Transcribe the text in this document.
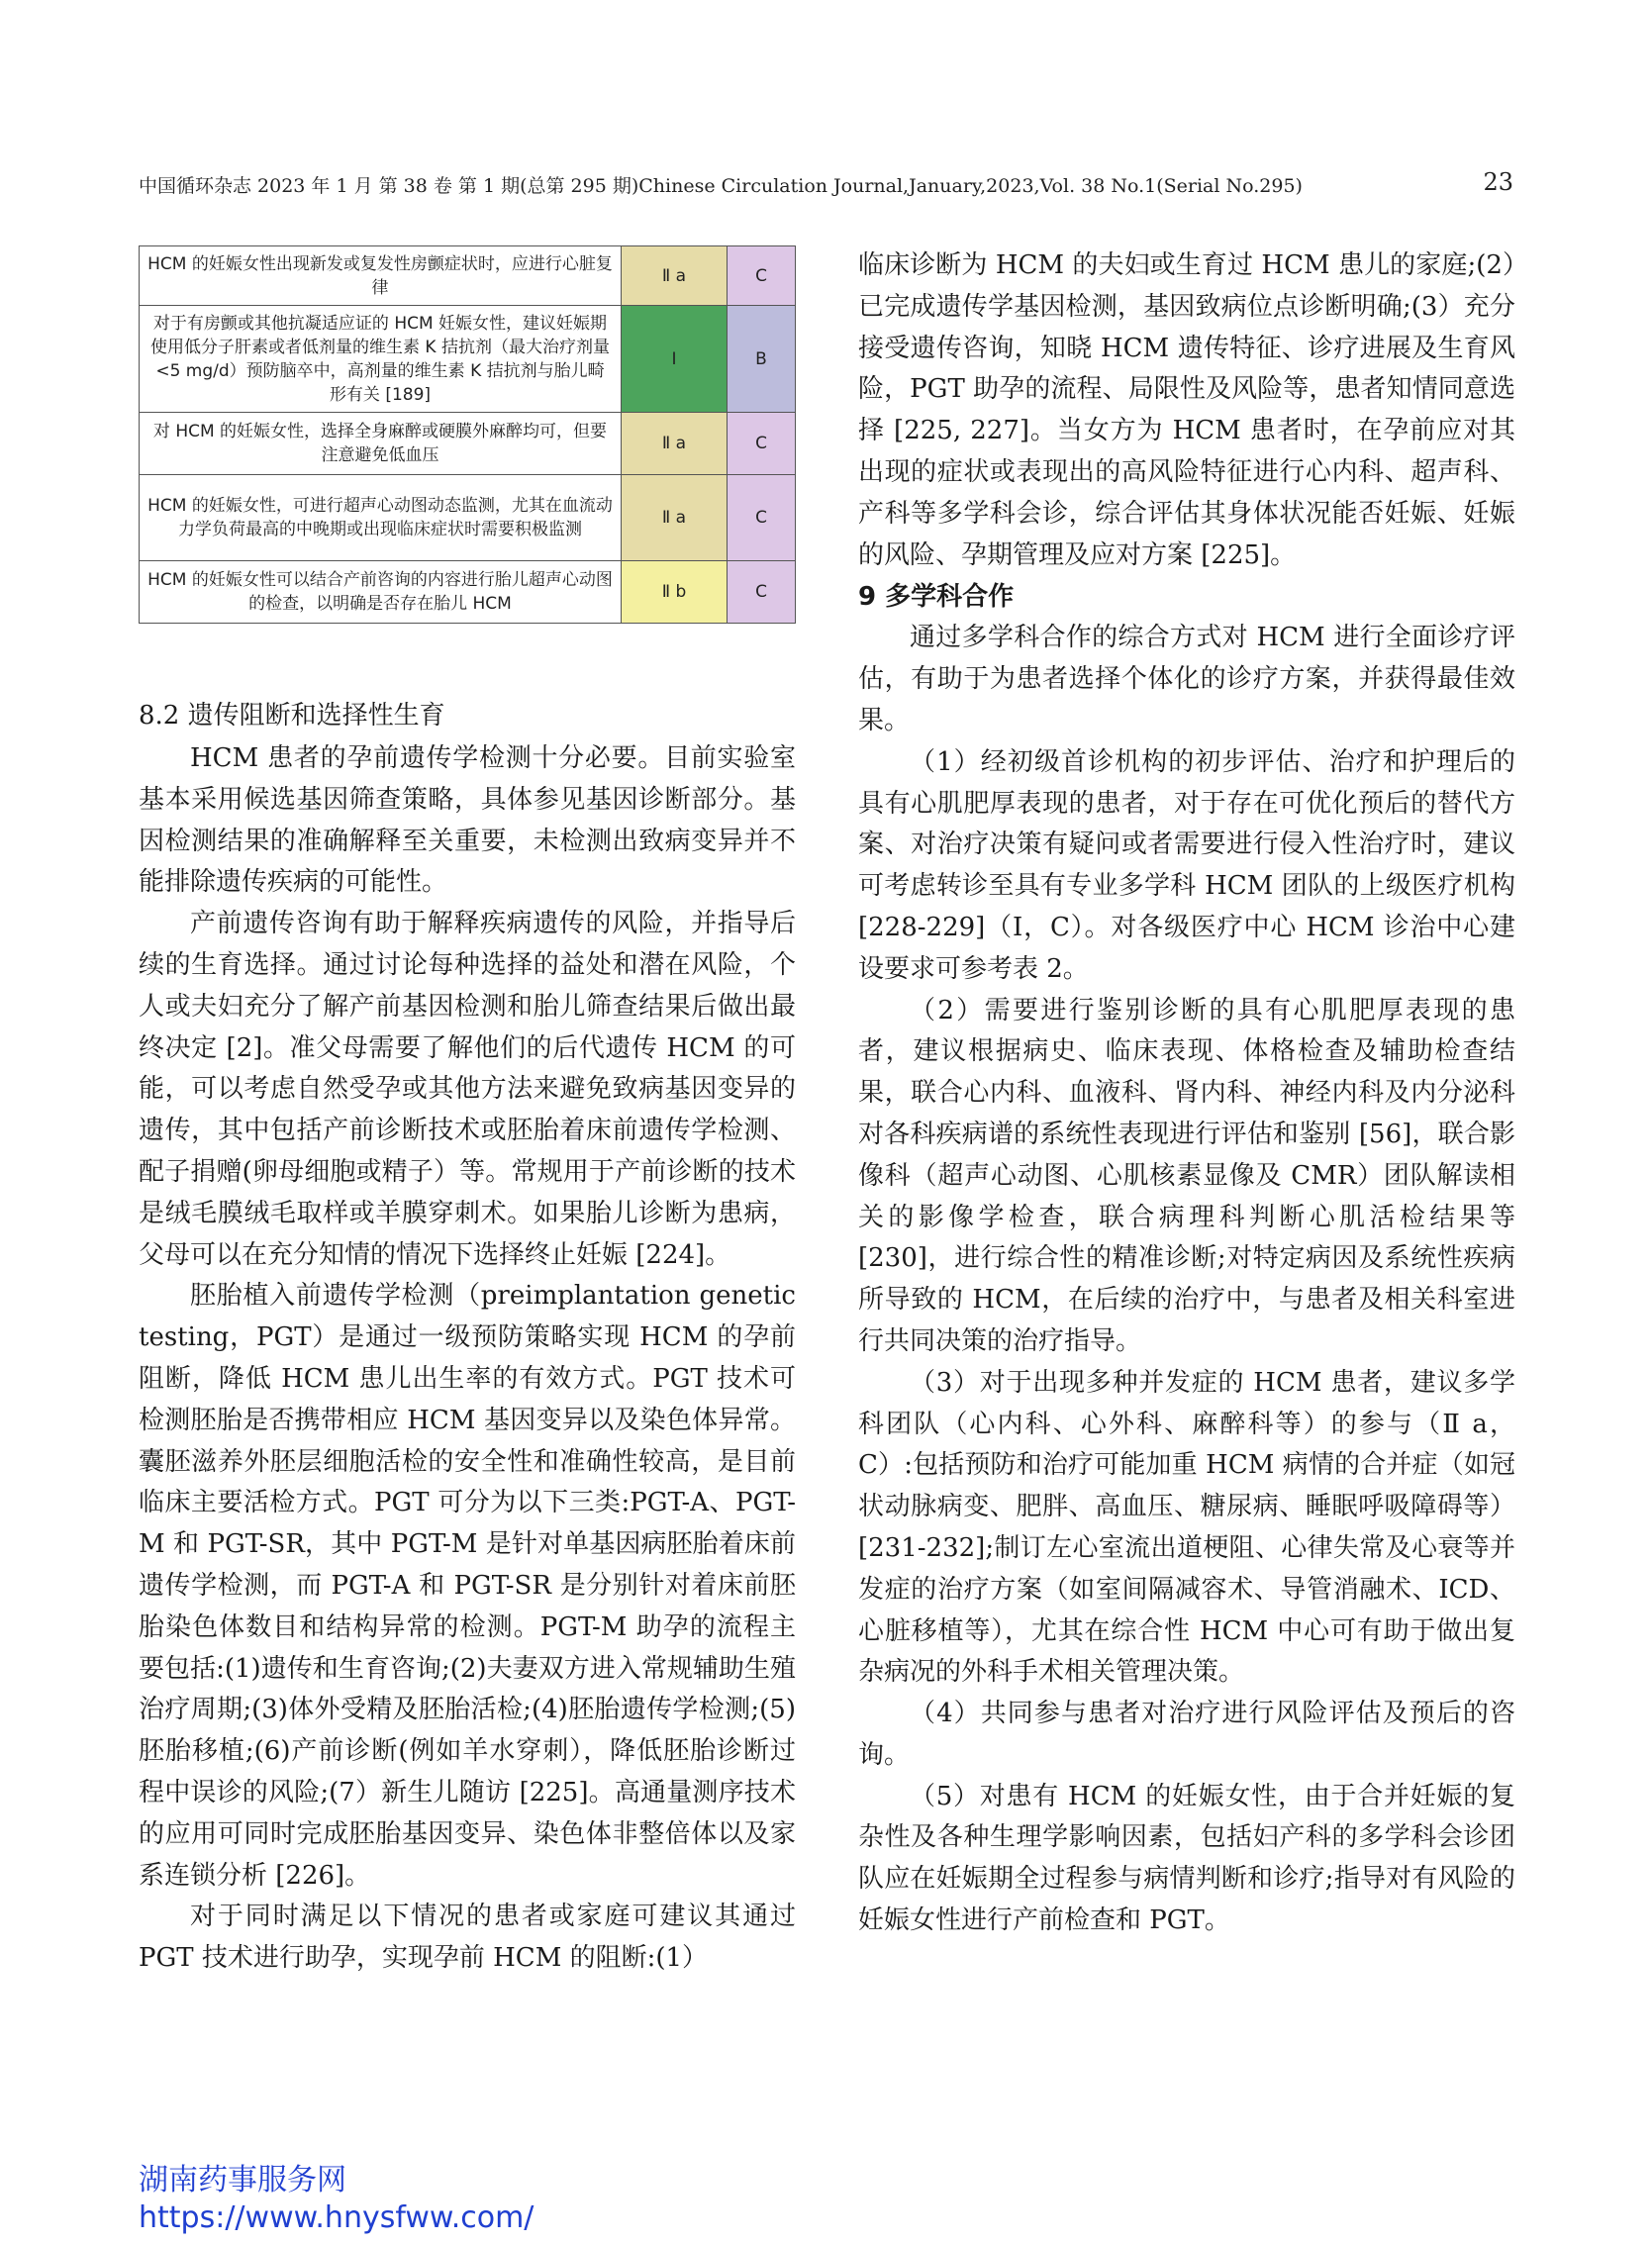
中国循环杂志 2023 年 1 月 第 38 卷 第 1 期(总第 295 期)Chinese Circulation Journal,January,2023,Vol. 38 No.1(Serial No.295)	23
HCM 的妊娠女性出现新发或复发性房颤症状时，应进行心脏复律	Ⅱ a	C
对于有房颤或其他抗凝适应证的 HCM 妊娠女性，建议妊娠期使用低分子肝素或者低剂量的维生素 K 拮抗剂（最大治疗剂量 <5 mg/d）预防脑卒中，高剂量的维生素 K 拮抗剂与胎儿畸形有关 [189]	Ⅰ	B
对 HCM 的妊娠女性，选择全身麻醉或硬膜外麻醉均可，但要注意避免低血压	Ⅱ a	C
HCM 的妊娠女性，可进行超声心动图动态监测，尤其在血流动力学负荷最高的中晚期或出现临床症状时需要积极监测	Ⅱ a	C
HCM 的妊娠女性可以结合产前咨询的内容进行胎儿超声心动图的检查，以明确是否存在胎儿 HCM	Ⅱ b	C

8.2 遗传阻断和选择性生育

HCM 患者的孕前遗传学检测十分必要。目前实验室基本采用候选基因筛查策略，具体参见基因诊断部分。基因检测结果的准确解释至关重要，未检测出致病变异并不能排除遗传疾病的可能性。

产前遗传咨询有助于解释疾病遗传的风险，并指导后续的生育选择。通过讨论每种选择的益处和潜在风险，个人或夫妇充分了解产前基因检测和胎儿筛查结果后做出最终决定 [2]。准父母需要了解他们的后代遗传 HCM 的可能，可以考虑自然受孕或其他方法来避免致病基因变异的遗传，其中包括产前诊断技术或胚胎着床前遗传学检测、配子捐赠(卵母细胞或精子）等。常规用于产前诊断的技术是绒毛膜绒毛取样或羊膜穿刺术。如果胎儿诊断为患病，父母可以在充分知情的情况下选择终止妊娠 [224]。

胚胎植入前遗传学检测（preimplantation genetic testing，PGT）是通过一级预防策略实现 HCM 的孕前阻断，降低 HCM 患儿出生率的有效方式。PGT 技术可检测胚胎是否携带相应 HCM 基因变异以及染色体异常。囊胚滋养外胚层细胞活检的安全性和准确性较高，是目前临床主要活检方式。PGT 可分为以下三类:PGT-A、PGT-M 和 PGT-SR，其中 PGT-M 是针对单基因病胚胎着床前遗传学检测，而 PGT-A 和 PGT-SR 是分别针对着床前胚胎染色体数目和结构异常的检测。PGT-M 助孕的流程主要包括:(1)遗传和生育咨询;(2)夫妻双方进入常规辅助生殖治疗周期;(3)体外受精及胚胎活检;(4)胚胎遗传学检测;(5)胚胎移植;(6)产前诊断(例如羊水穿刺），降低胚胎诊断过程中误诊的风险;(7）新生儿随访 [225]。高通量测序技术的应用可同时完成胚胎基因变异、染色体非整倍体以及家系连锁分析 [226]。

对于同时满足以下情况的患者或家庭可建议其通过 PGT 技术进行助孕，实现孕前 HCM 的阻断:(1）

临床诊断为 HCM 的夫妇或生育过 HCM 患儿的家庭;(2）已完成遗传学基因检测，基因致病位点诊断明确;(3）充分接受遗传咨询，知晓 HCM 遗传特征、诊疗进展及生育风险，PGT 助孕的流程、局限性及风险等，患者知情同意选择 [225, 227]。当女方为 HCM 患者时，在孕前应对其出现的症状或表现出的高风险特征进行心内科、超声科、产科等多学科会诊，综合评估其身体状况能否妊娠、妊娠的风险、孕期管理及应对方案 [225]。

9 多学科合作

通过多学科合作的综合方式对 HCM 进行全面诊疗评估，有助于为患者选择个体化的诊疗方案，并获得最佳效果。

（1）经初级首诊机构的初步评估、治疗和护理后的具有心肌肥厚表现的患者，对于存在可优化预后的替代方案、对治疗决策有疑问或者需要进行侵入性治疗时，建议可考虑转诊至具有专业多学科 HCM 团队的上级医疗机构 [228-229]（Ⅰ，C）。对各级医疗中心 HCM 诊治中心建设要求可参考表 2。

（2）需要进行鉴别诊断的具有心肌肥厚表现的患者，建议根据病史、临床表现、体格检查及辅助检查结果，联合心内科、血液科、肾内科、神经内科及内分泌科对各科疾病谱的系统性表现进行评估和鉴别 [56]，联合影像科（超声心动图、心肌核素显像及 CMR）团队解读相关的影像学检查，联合病理科判断心肌活检结果等 [230]，进行综合性的精准诊断;对特定病因及系统性疾病所导致的 HCM，在后续的治疗中，与患者及相关科室进行共同决策的治疗指导。

（3）对于出现多种并发症的 HCM 患者，建议多学科团队（心内科、心外科、麻醉科等）的参与（Ⅱ a，C）:包括预防和治疗可能加重 HCM 病情的合并症（如冠状动脉病变、肥胖、高血压、糖尿病、睡眠呼吸障碍等）[231-232];制订左心室流出道梗阻、心律失常及心衰等并发症的治疗方案（如室间隔减容术、导管消融术、ICD、心脏移植等），尤其在综合性 HCM 中心可有助于做出复杂病况的外科手术相关管理决策。

（4）共同参与患者对治疗进行风险评估及预后的咨询。

（5）对患有 HCM 的妊娠女性，由于合并妊娠的复杂性及各种生理学影响因素，包括妇产科的多学科会诊团队应在妊娠期全过程参与病情判断和诊疗;指导对有风险的妊娠女性进行产前检查和 PGT。

湖南药事服务网
https://www.hnysfww.com/
